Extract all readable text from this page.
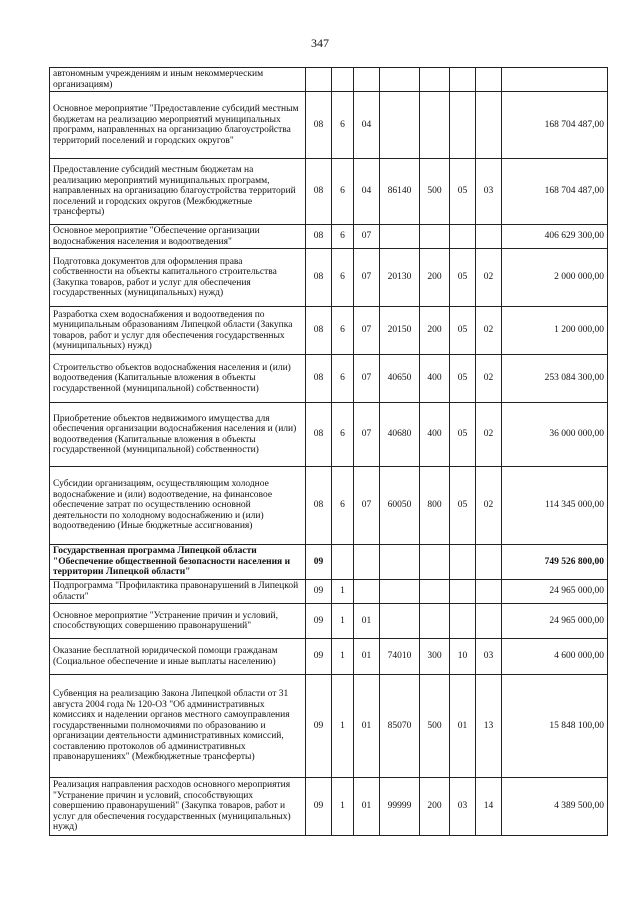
347
автономным учреждениям и иным некоммерческим организациям)								
Основное мероприятие "Предоставление субсидий местным бюджетам на реализацию мероприятий муниципальных программ, направленных на организацию благоустройства территорий поселений и городских округов"	08	6	04					168 704 487,00
Предоставление субсидий местным бюджетам на реализацию мероприятий муниципальных программ, направленных на организацию благоустройства территорий поселений и городских округов (Межбюджетные трансферты)	08	6	04	86140	500	05	03	168 704 487,00
Основное мероприятие "Обеспечение организации водоснабжения населения и водоотведения"	08	6	07					406 629 300,00
Подготовка документов для оформления права собственности на объекты капитального строительства (Закупка товаров, работ и услуг для обеспечения государственных (муниципальных) нужд)	08	6	07	20130	200	05	02	2 000 000,00
Разработка схем водоснабжения и водоотведения по муниципальным образованиям Липецкой области (Закупка товаров, работ и услуг для обеспечения государственных (муниципальных) нужд)	08	6	07	20150	200	05	02	1 200 000,00
Строительство объектов водоснабжения населения и (или) водоотведения (Капитальные вложения в объекты государственной (муниципальной) собственности)	08	6	07	40650	400	05	02	253 084 300,00
Приобретение объектов недвижимого имущества для обеспечения организации водоснабжения населения и (или) водоотведения (Капитальные вложения в объекты государственной (муниципальной) собственности)	08	6	07	40680	400	05	02	36 000 000,00
Субсидии организациям, осуществляющим холодное водоснабжение и (или) водоотведение, на финансовое обеспечение затрат по осуществлению основной деятельности по холодному водоснабжению и (или) водоотведению (Иные бюджетные ассигнования)	08	6	07	60050	800	05	02	114 345 000,00
Государственная программа Липецкой области "Обеспечение общественной безопасности населения и территории Липецкой области"	09							749 526 800,00
Подпрограмма "Профилактика правонарушений в Липецкой области"	09	1						24 965 000,00
Основное мероприятие "Устранение причин и условий, способствующих совершению правонарушений"	09	1	01					24 965 000,00
Оказание бесплатной юридической помощи гражданам (Социальное обеспечение и иные выплаты населению)	09	1	01	74010	300	10	03	4 600 000,00
Субвенция на реализацию Закона Липецкой области от 31 августа 2004 года № 120-ОЗ "Об административных комиссиях и наделении органов местного самоуправления государственными полномочиями по образованию и организации деятельности административных комиссий, составлению протоколов об административных правонарушениях" (Межбюджетные трансферты)	09	1	01	85070	500	01	13	15 848 100,00
Реализация направления расходов основного мероприятия "Устранение причин и условий, способствующих совершению правонарушений" (Закупка товаров, работ и услуг для обеспечения государственных (муниципальных) нужд)	09	1	01	99999	200	03	14	4 389 500,00
